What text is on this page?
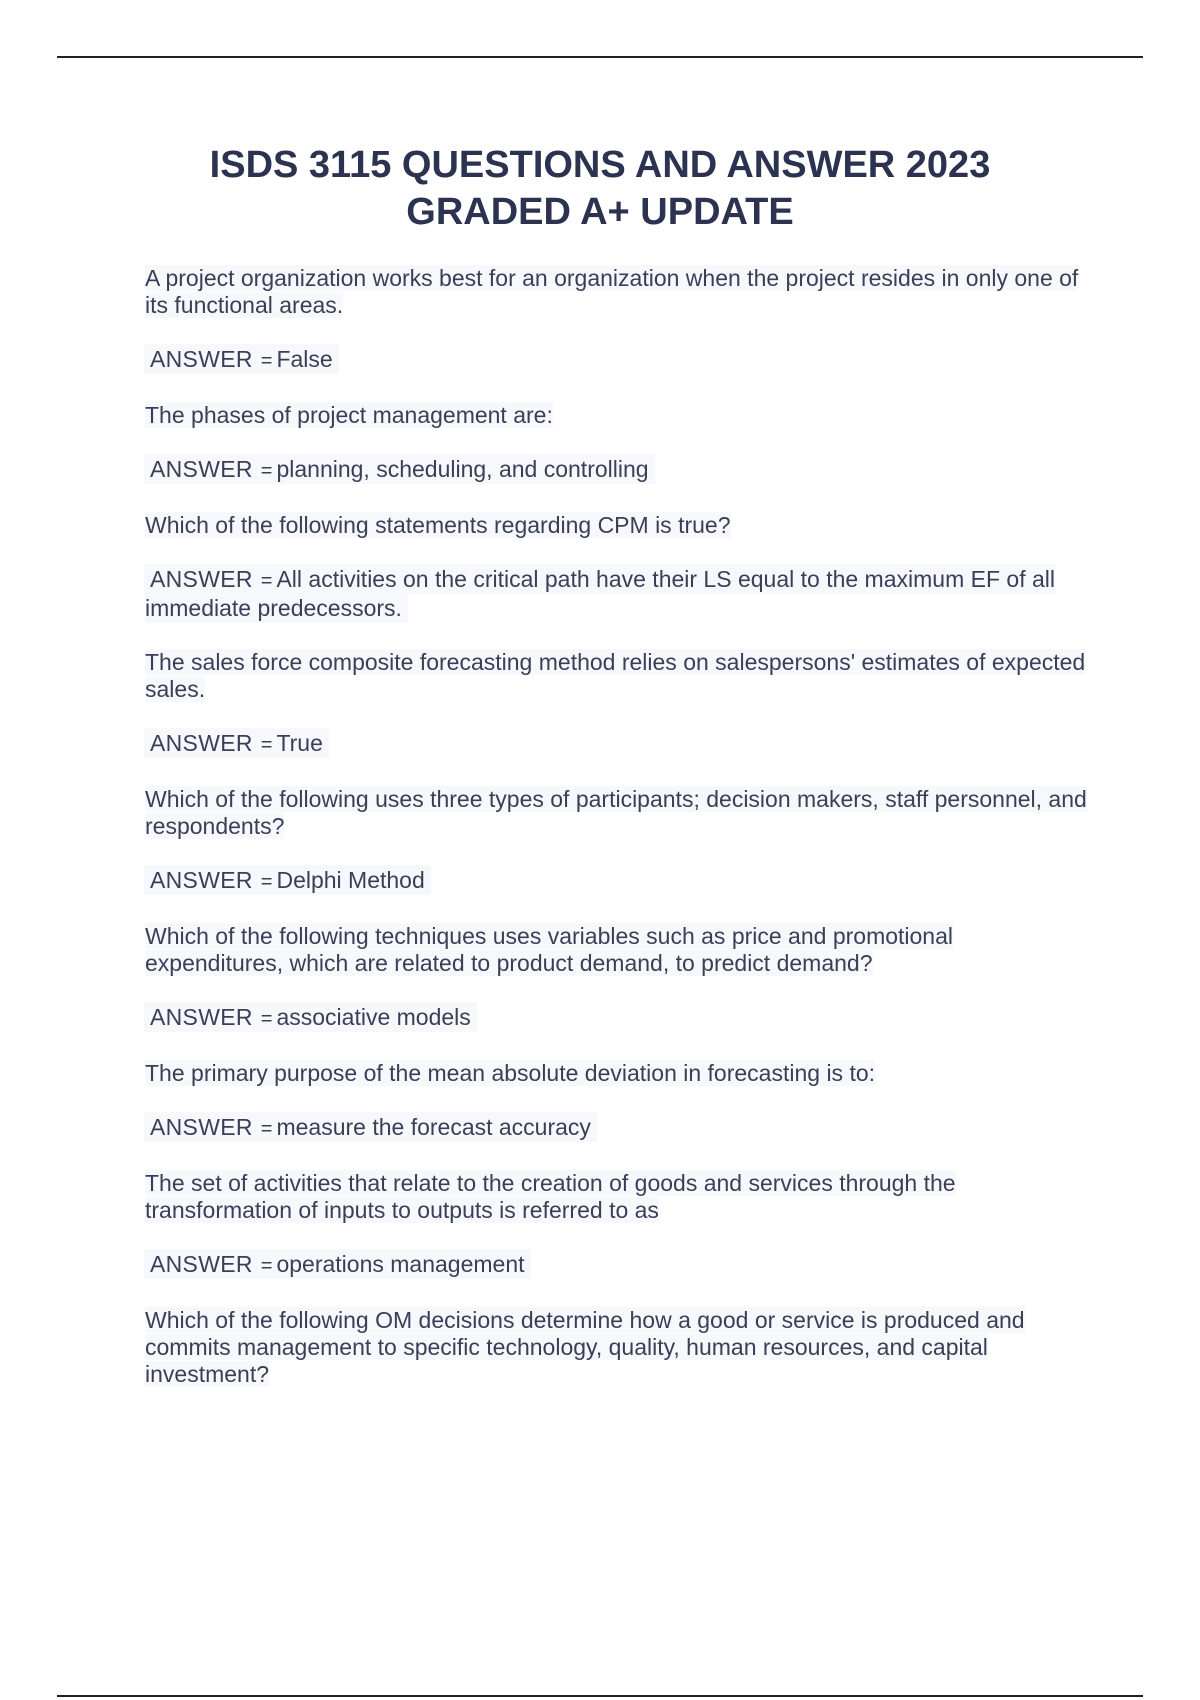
ISDS 3115 QUESTIONS AND ANSWER 2023
GRADED A+ UPDATE

A project organization works best for an organization when the project resides in only one of its functional areas.

ANSWER = False

The phases of project management are:

ANSWER = planning, scheduling, and controlling

Which of the following statements regarding CPM is true?

ANSWER = All activities on the critical path have their LS equal to the maximum EF of all immediate predecessors.

The sales force composite forecasting method relies on salespersons' estimates of expected sales.

ANSWER = True

Which of the following uses three types of participants; decision makers, staff personnel, and respondents?

ANSWER = Delphi Method

Which of the following techniques uses variables such as price and promotional expenditures, which are related to product demand, to predict demand?

ANSWER = associative models

The primary purpose of the mean absolute deviation in forecasting is to:

ANSWER = measure the forecast accuracy

The set of activities that relate to the creation of goods and services through the transformation of inputs to outputs is referred to as

ANSWER = operations management

Which of the following OM decisions determine how a good or service is produced and commits management to specific technology, quality, human resources, and capital investment?
